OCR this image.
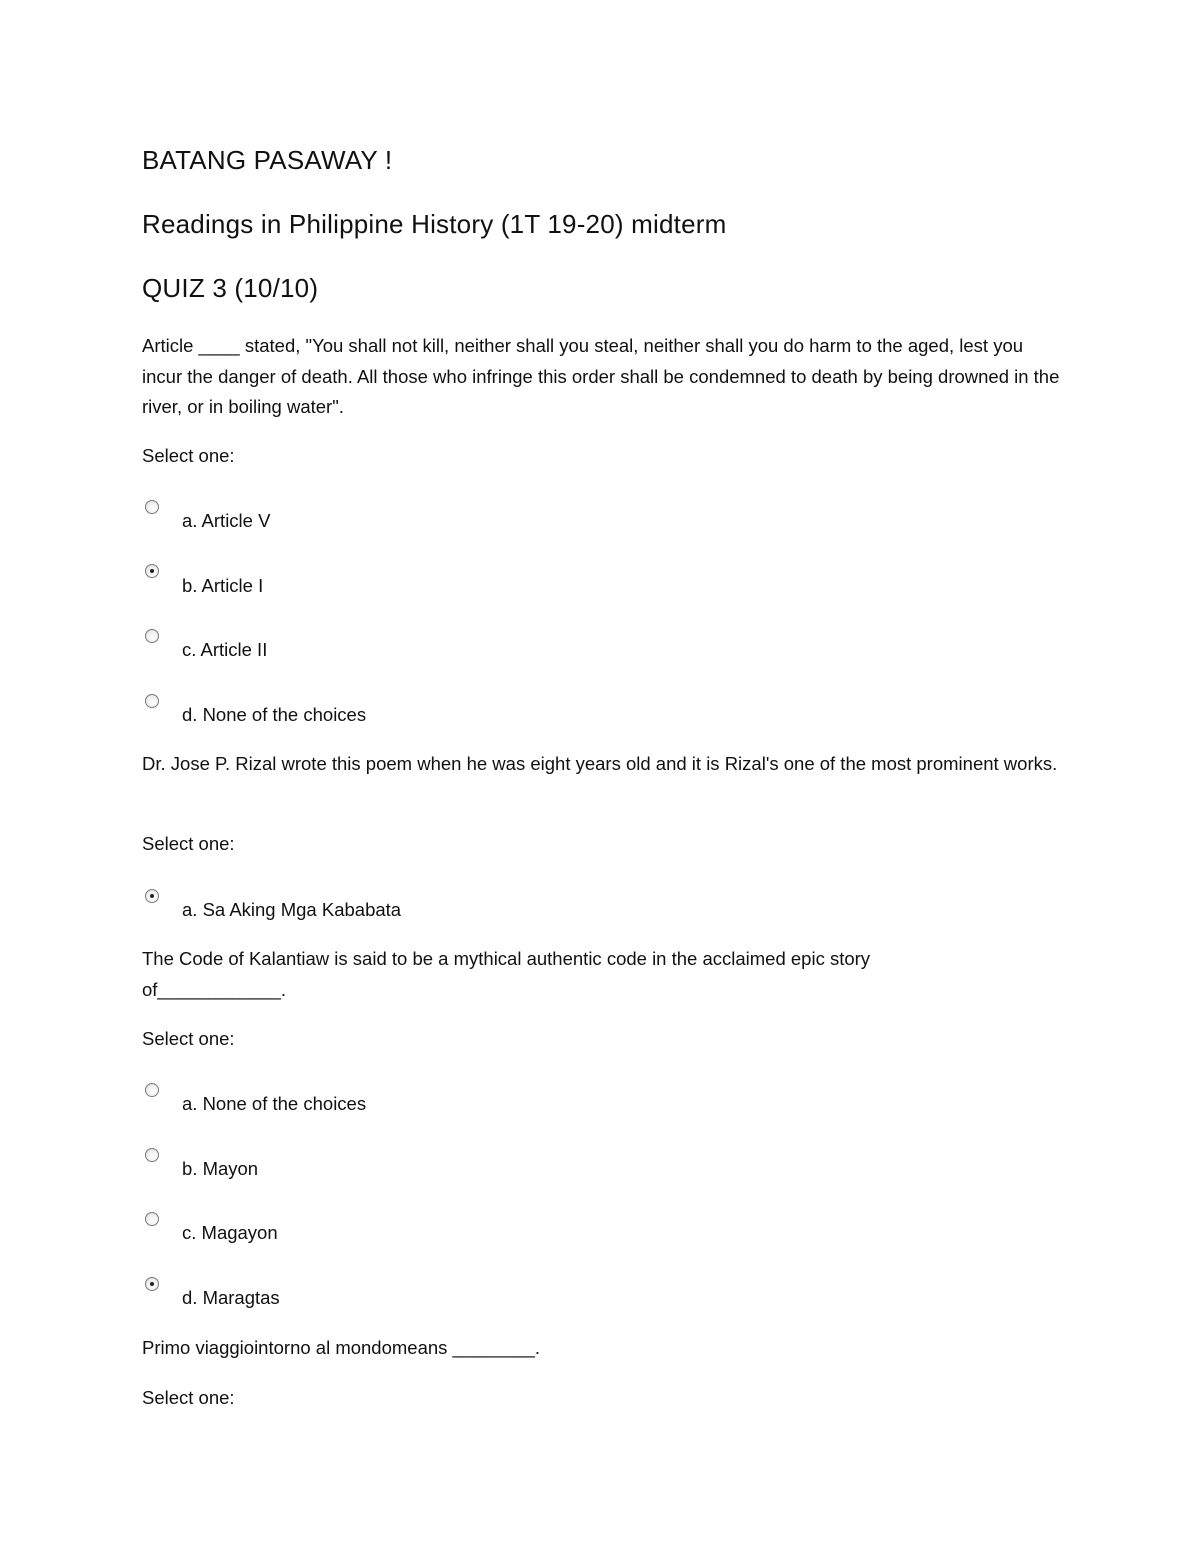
BATANG PASAWAY !
Readings in Philippine History (1T 19-20) midterm
QUIZ 3 (10/10)
Article ____ stated, "You shall not kill, neither shall you steal, neither shall you do harm to the aged, lest you incur the danger of death. All those who infringe this order shall be condemned to death by being drowned in the river, or in boiling water".
Select one:
a. Article V
b. Article I
c. Article II
d. None of the choices
Dr. Jose P. Rizal wrote this poem when he was eight years old and it is Rizal's one of the most prominent works.
Select one:
a. Sa Aking Mga Kababata
The Code of Kalantiaw is said to be a mythical authentic code in the acclaimed epic story of____________.
Select one:
a. None of the choices
b. Mayon
c. Magayon
d. Maragtas
Primo viaggiointorno al mondomeans ________.
Select one:
